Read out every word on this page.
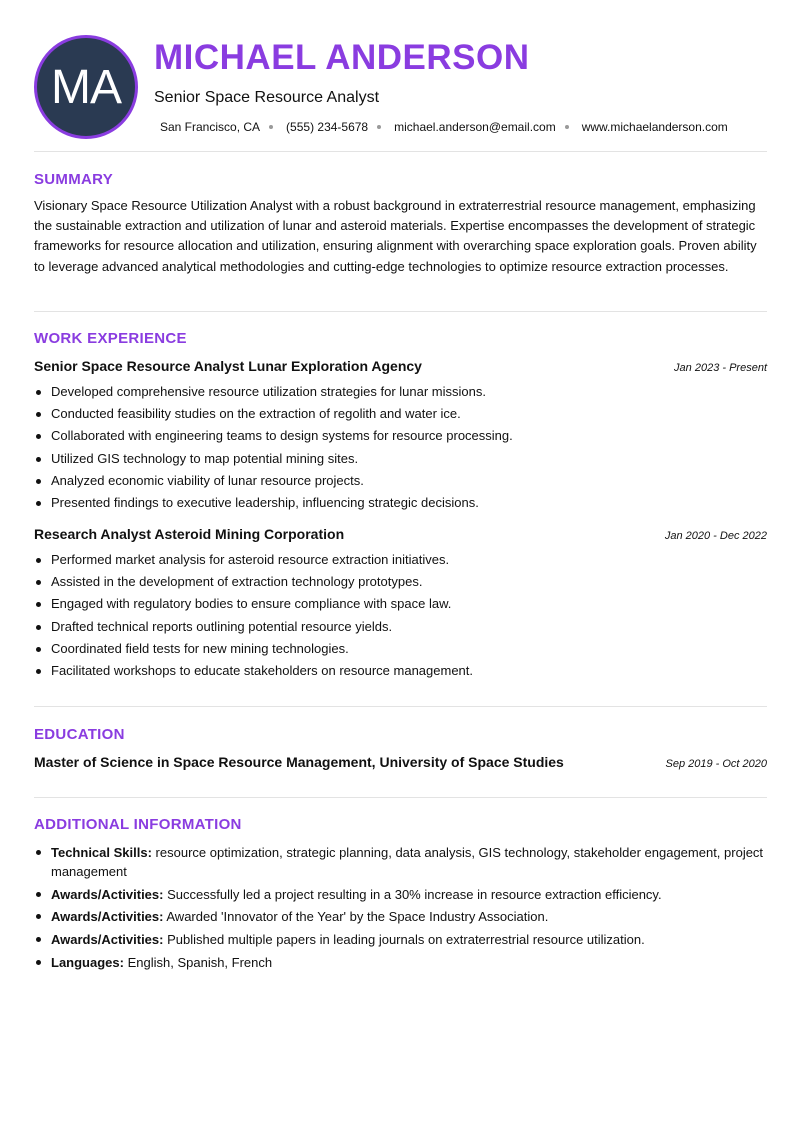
MA
MICHAEL ANDERSON
Senior Space Resource Analyst
San Francisco, CA (555) 234-5678 michael.anderson@email.com www.michaelanderson.com
SUMMARY
Visionary Space Resource Utilization Analyst with a robust background in extraterrestrial resource management, emphasizing the sustainable extraction and utilization of lunar and asteroid materials. Expertise encompasses the development of strategic frameworks for resource allocation and utilization, ensuring alignment with overarching space exploration goals. Proven ability to leverage advanced analytical methodologies and cutting-edge technologies to optimize resource extraction processes.
WORK EXPERIENCE
Senior Space Resource Analyst Lunar Exploration Agency	Jan 2023 - Present
Developed comprehensive resource utilization strategies for lunar missions.
Conducted feasibility studies on the extraction of regolith and water ice.
Collaborated with engineering teams to design systems for resource processing.
Utilized GIS technology to map potential mining sites.
Analyzed economic viability of lunar resource projects.
Presented findings to executive leadership, influencing strategic decisions.
Research Analyst Asteroid Mining Corporation	Jan 2020 - Dec 2022
Performed market analysis for asteroid resource extraction initiatives.
Assisted in the development of extraction technology prototypes.
Engaged with regulatory bodies to ensure compliance with space law.
Drafted technical reports outlining potential resource yields.
Coordinated field tests for new mining technologies.
Facilitated workshops to educate stakeholders on resource management.
EDUCATION
Master of Science in Space Resource Management, University of Space Studies	Sep 2019 - Oct 2020
ADDITIONAL INFORMATION
Technical Skills: resource optimization, strategic planning, data analysis, GIS technology, stakeholder engagement, project management
Awards/Activities: Successfully led a project resulting in a 30% increase in resource extraction efficiency.
Awards/Activities: Awarded 'Innovator of the Year' by the Space Industry Association.
Awards/Activities: Published multiple papers in leading journals on extraterrestrial resource utilization.
Languages: English, Spanish, French
